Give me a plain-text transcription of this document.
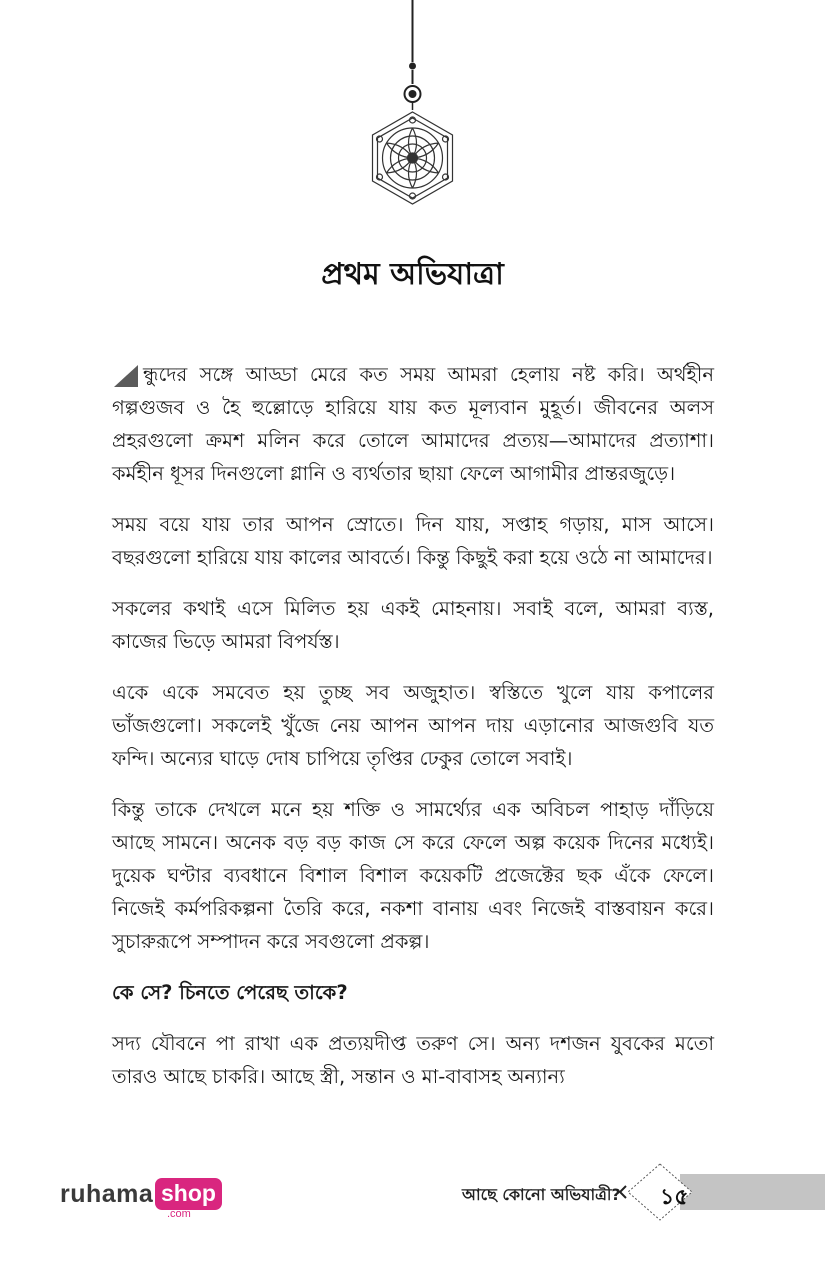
প্রথম অভিযাত্রা

ন্ধুদের সঙ্গে আড্ডা মেরে কত সময় আমরা হেলায় নষ্ট করি। অর্থহীন গল্পগুজব ও হৈ হুল্লোড়ে হারিয়ে যায় কত মূল্যবান মুহূর্ত। জীবনের অলস প্রহরগুলো ক্রমশ মলিন করে তোলে আমাদের প্রত্যয়—আমাদের প্রত্যাশা। কর্মহীন ধূসর দিনগুলো গ্লানি ও ব্যর্থতার ছায়া ফেলে আগামীর প্রান্তরজুড়ে।

সময় বয়ে যায় তার আপন স্রোতে। দিন যায়, সপ্তাহ গড়ায়, মাস আসে। বছরগুলো হারিয়ে যায় কালের আবর্তে। কিন্তু কিছুই করা হয়ে ওঠে না আমাদের।

সকলের কথাই এসে মিলিত হয় একই মোহনায়। সবাই বলে, আমরা ব্যস্ত, কাজের ভিড়ে আমরা বিপর্যস্ত।

একে একে সমবেত হয় তুচ্ছ সব অজুহাত। স্বস্তিতে খুলে যায় কপালের ভাঁজগুলো। সকলেই খুঁজে নেয় আপন আপন দায় এড়ানোর আজগুবি যত ফন্দি। অন্যের ঘাড়ে দোষ চাপিয়ে তৃপ্তির ঢেকুর তোলে সবাই।

কিন্তু তাকে দেখলে মনে হয় শক্তি ও সামর্থ্যের এক অবিচল পাহাড় দাঁড়িয়ে আছে সামনে। অনেক বড় বড় কাজ সে করে ফেলে অল্প কয়েক দিনের মধ্যেই। দুয়েক ঘণ্টার ব্যবধানে বিশাল বিশাল কয়েকটি প্রজেক্টের ছক এঁকে ফেলে। নিজেই কর্মপরিকল্পনা তৈরি করে, নকশা বানায় এবং নিজেই বাস্তবায়ন করে। সুচারুরূপে সম্পাদন করে সবগুলো প্রকল্প।

কে সে? চিনতে পেরেছ তাকে?

সদ্য যৌবনে পা রাখা এক প্রত্যয়দীপ্ত তরুণ সে। অন্য দশজন যুবকের মতো তারও আছে চাকরি। আছে স্ত্রী, সন্তান ও মা-বাবাসহ অন্যান্য

ruhama shop
.com
আছে কোনো অভিযাত্রী? ১৫
